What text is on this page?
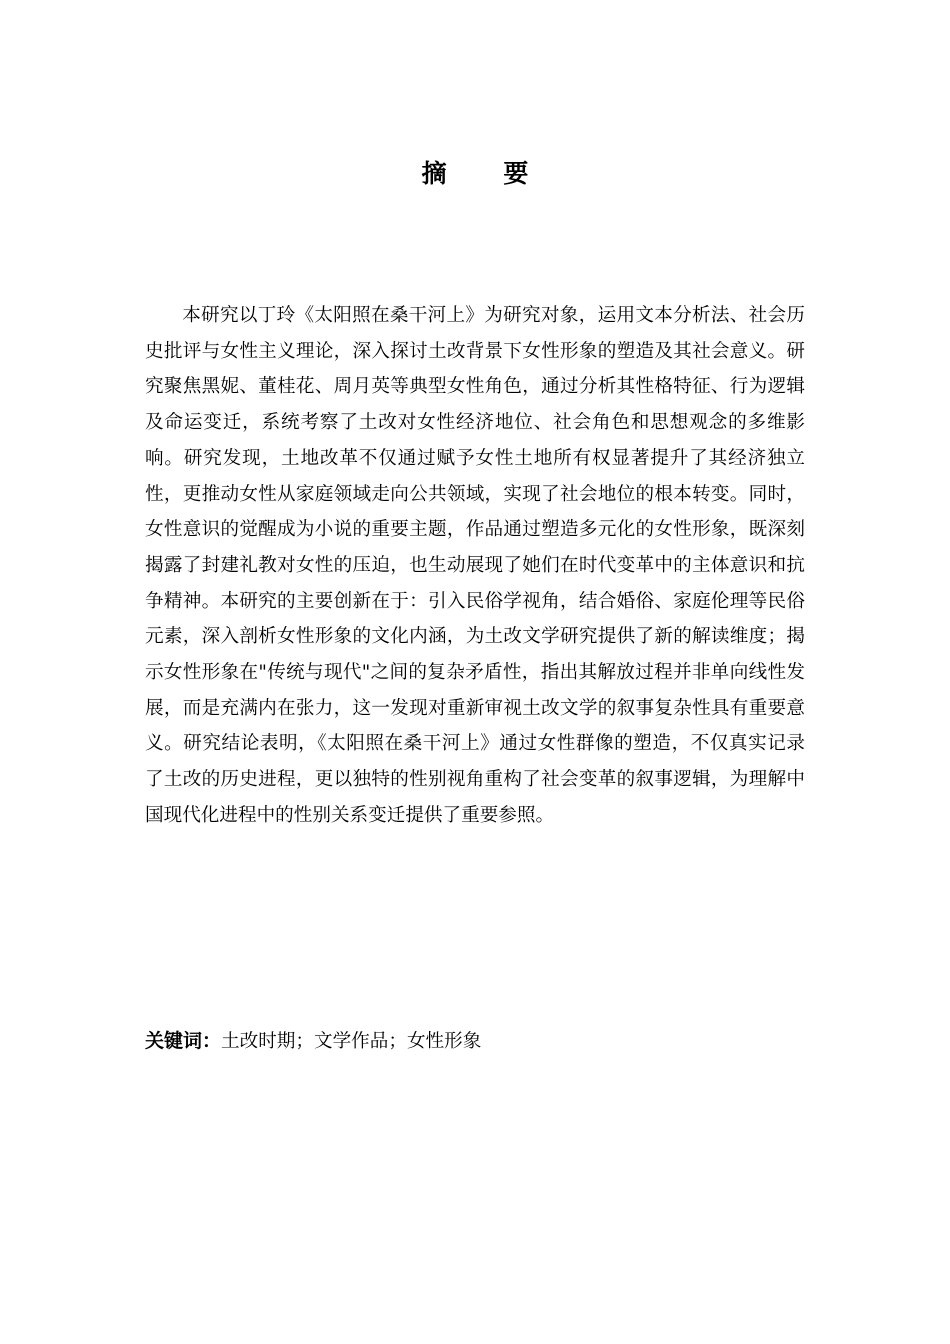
摘 要

本研究以丁玲《太阳照在桑干河上》为研究对象，运用文本分析法、社会历史批评与女性主义理论，深入探讨土改背景下女性形象的塑造及其社会意义。研究聚焦黑妮、董桂花、周月英等典型女性角色，通过分析其性格特征、行为逻辑及命运变迁，系统考察了土改对女性经济地位、社会角色和思想观念的多维影响。研究发现，土地改革不仅通过赋予女性土地所有权显著提升了其经济独立性，更推动女性从家庭领域走向公共领域，实现了社会地位的根本转变。同时，女性意识的觉醒成为小说的重要主题，作品通过塑造多元化的女性形象，既深刻揭露了封建礼教对女性的压迫，也生动展现了她们在时代变革中的主体意识和抗争精神。本研究的主要创新在于：引入民俗学视角，结合婚俗、家庭伦理等民俗元素，深入剖析女性形象的文化内涵，为土改文学研究提供了新的解读维度；揭示女性形象在"传统与现代"之间的复杂矛盾性，指出其解放过程并非单向线性发展，而是充满内在张力，这一发现对重新审视土改文学的叙事复杂性具有重要意义。研究结论表明，《太阳照在桑干河上》通过女性群像的塑造，不仅真实记录了土改的历史进程，更以独特的性别视角重构了社会变革的叙事逻辑，为理解中国现代化进程中的性别关系变迁提供了重要参照。

关键词：土改时期；文学作品；女性形象
